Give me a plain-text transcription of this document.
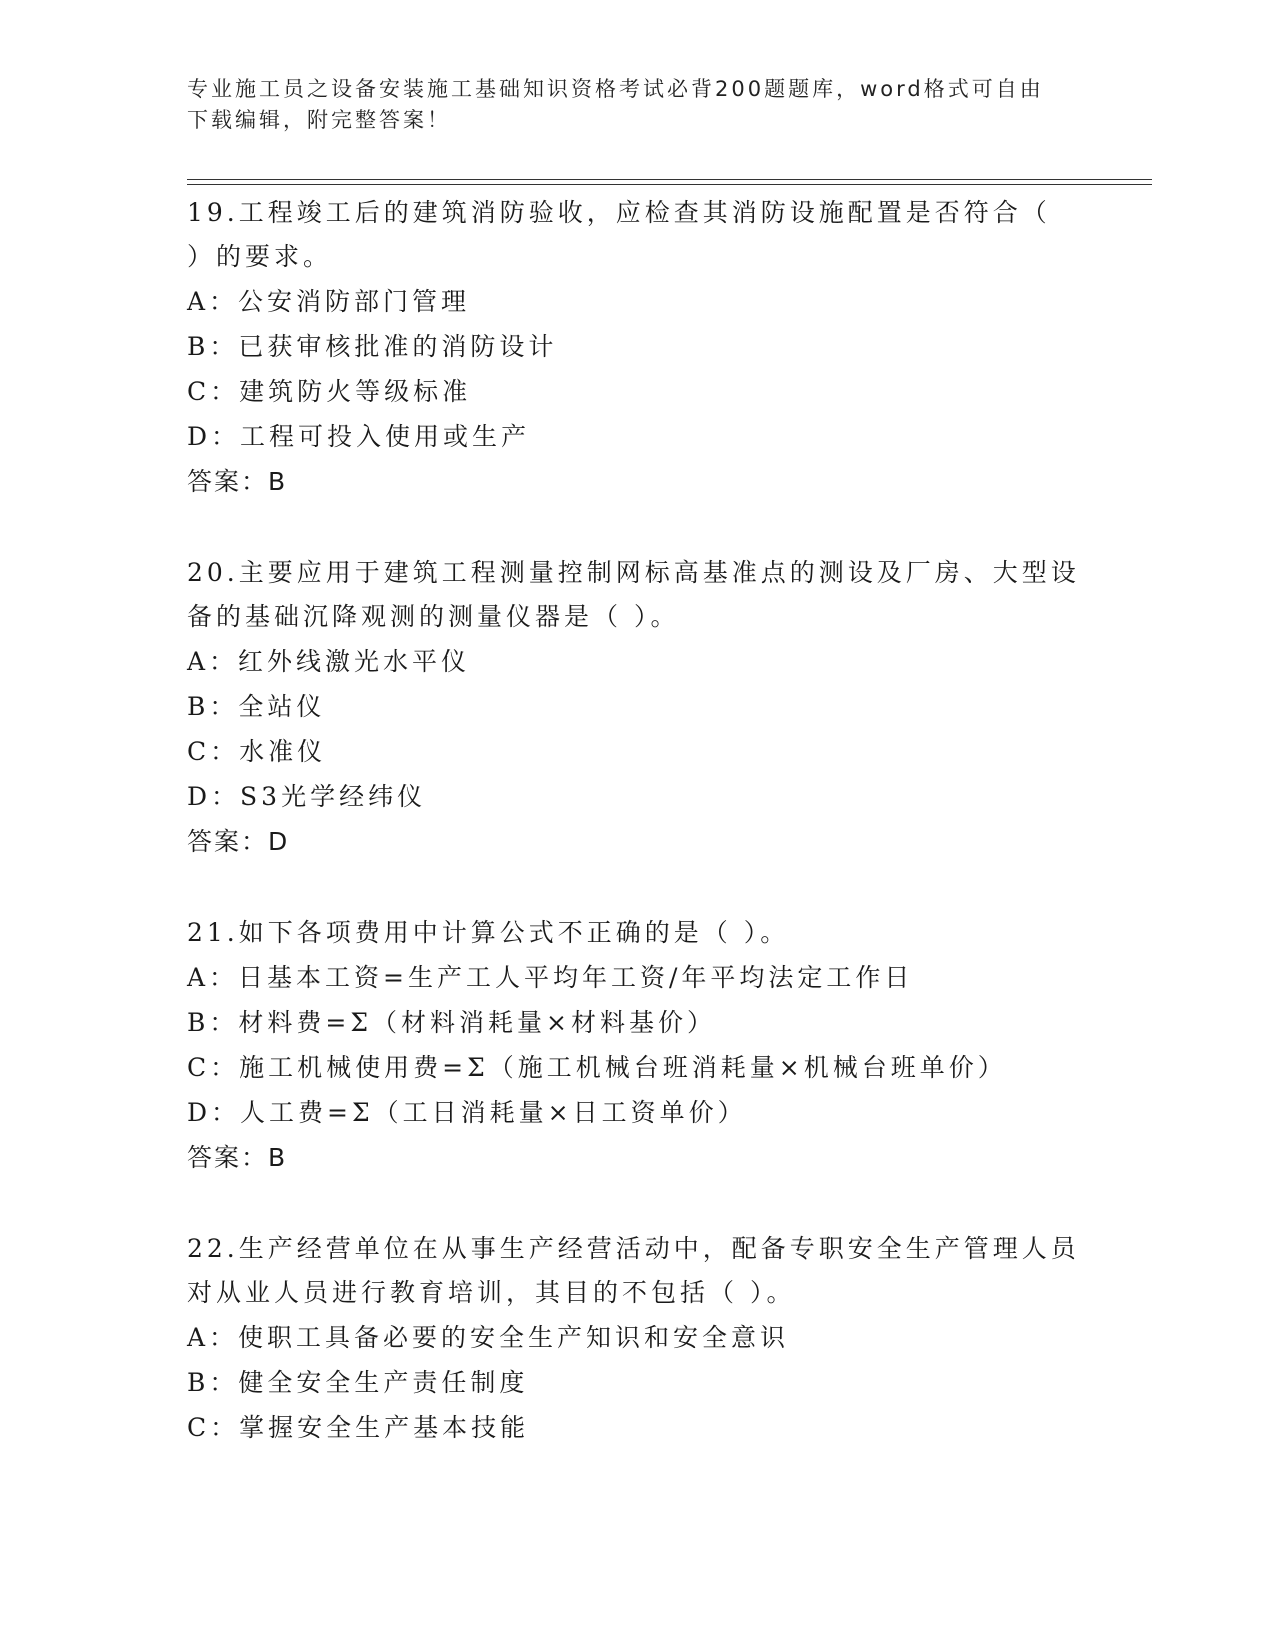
专业施工员之设备安装施工基础知识资格考试必背200题题库，word格式可自由
下载编辑，附完整答案！

19.工程竣工后的建筑消防验收，应检查其消防设施配置是否符合（

）的要求。

A：公安消防部门管理

B：已获审核批准的消防设计

C：建筑防火等级标准

D：工程可投入使用或生产

答案：B

20.主要应用于建筑工程测量控制网标高基准点的测设及厂房、大型设

备的基础沉降观测的测量仪器是（ ）。

A：红外线激光水平仪

B：全站仪

C：水准仪

D：S3光学经纬仪

答案：D

21.如下各项费用中计算公式不正确的是（ ）。

A：日基本工资=生产工人平均年工资/年平均法定工作日

B：材料费=Σ（材料消耗量×材料基价）

C：施工机械使用费=Σ（施工机械台班消耗量×机械台班单价）

D：人工费=Σ（工日消耗量×日工资单价）

答案：B

22.生产经营单位在从事生产经营活动中，配备专职安全生产管理人员

对从业人员进行教育培训，其目的不包括（ ）。

A：使职工具备必要的安全生产知识和安全意识

B：健全安全生产责任制度

C：掌握安全生产基本技能
